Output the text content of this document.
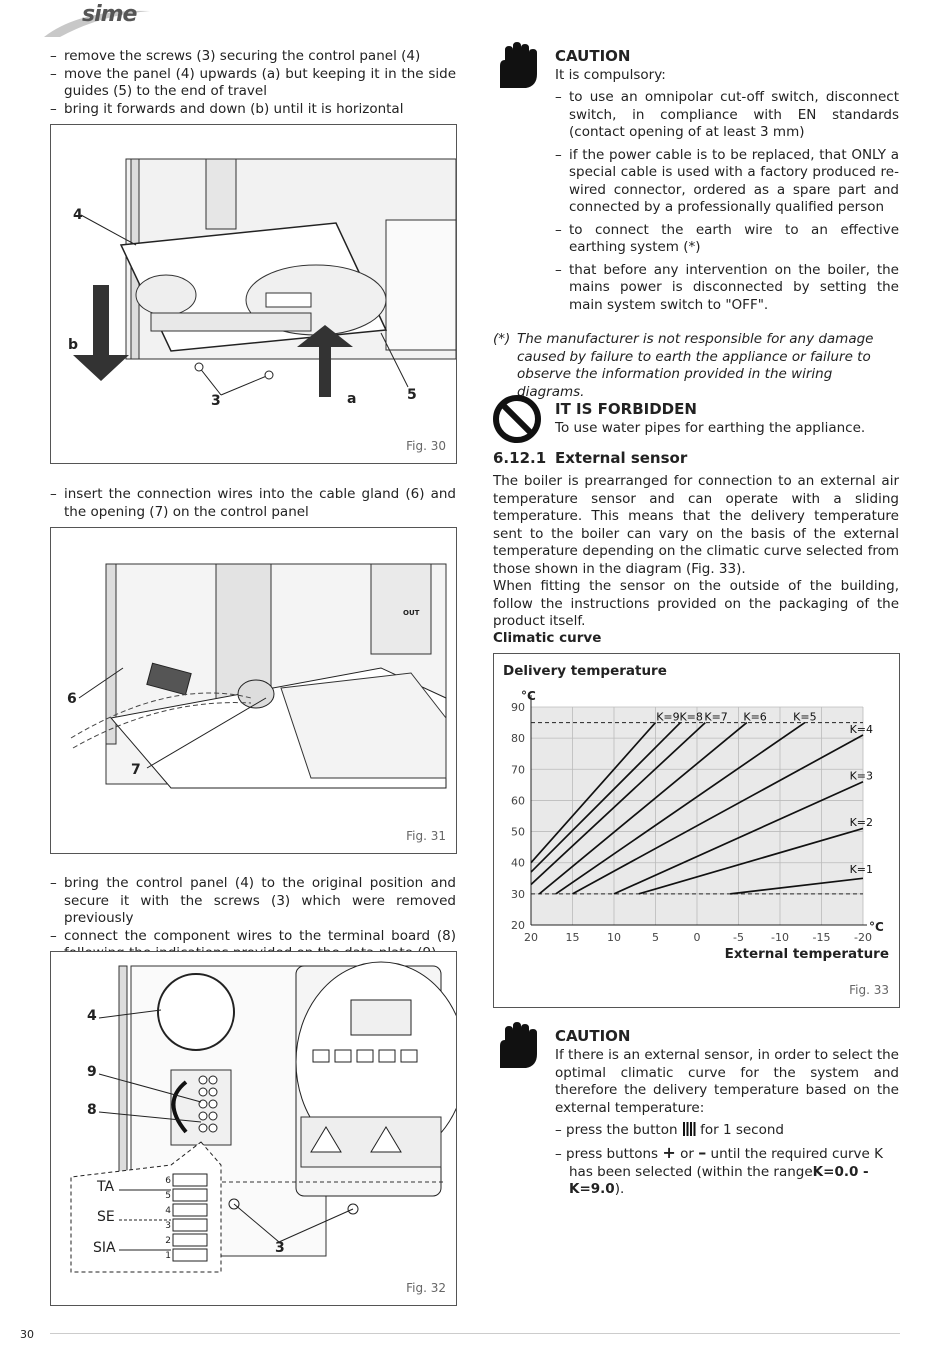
sime
– remove the screws (3) securing the control panel (4)
– move the panel (4) upwards (a) but keeping it in the side guides (5) to the end of travel
– bring it forwards and down (b) until it is horizontal
4
b
3	a	5
Fig. 30
– insert the connection wires into the cable gland (6) and the opening (7) on the control panel
OUT
6
7
Fig. 31
– bring the control panel (4) to the original position and secure it with the screws (3) which were removed previously
– connect the component wires to the terminal board (8)
4
9
8
3
TA
SE
SIA
6
5
4
3
2
1
Fig. 32
CAUTION
It is compulsory:
– to use an omnipolar cut-off switch, disconnect switch, in compliance with EN standards (contact opening of at least 3 mm)
– if the power cable is to be replaced, that ONLY a special cable is used with a factory produced re-wired connector, ordered as a spare part and connected by a professionally qualified person
– to connect the earth wire to an effective earthing system (*)
– that before any intervention on the boiler, the mains power is disconnected by setting the main system switch to "OFF".
(*) The manufacturer is not responsible for any damage caused by failure to earth the appliance or failure to observe the information provided in the wiring diagrams.
IT IS FORBIDDEN
To use water pipes for earthing the appliance.
6.12.1 External sensor
The boiler is prearranged for connection to an external air temperature sensor and can operate with a sliding temperature. This means that the delivery temperature sent to the boiler can vary on the basis of the external temperature depending on the climatic curve selected from those shown in the diagram (Fig. 33).
When fitting the sensor on the outside of the building, follow the instructions provided on the packaging of the product itself.
Climatic curve
Delivery temperature
20	15	10	5	0	-5 -10 -15 -20
20
30
40
50
60
70
80
90
°C
°C
K=9 K=8 K=7 K=6 K=5
K=4
K=3
K=2
K=1
External temperature
Fig. 33
CAUTION
If there is an external sensor, in order to select the optimal climatic curve for the system and therefore the delivery temperature based on the external temperature:
– press the button for 1 second
– press buttons + or – until the required curve K has been selected (within the rangeK=0.0 - K=9.0).
30
